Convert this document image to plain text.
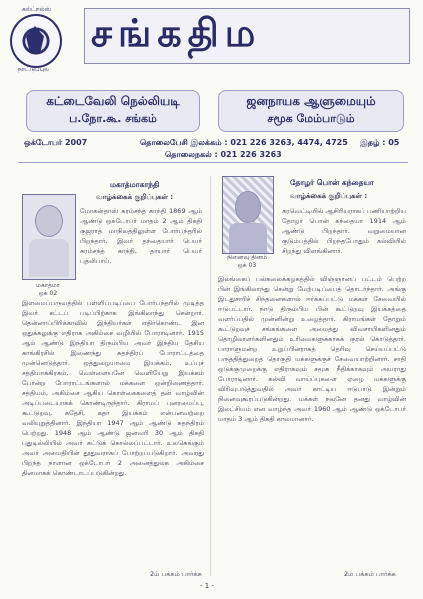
கல்ட்றல்ஸ்
நாட்டுப்புல
சங்கதிம
கட்டைவேலி நெல்லியடி
ப.நோ.கூ. சங்கம்
ஜனநாயக ஆளுமையும்
சமூக மேம்பாடும்
ஒக்டோபர் 2007	தொலைபேசி இலக்கம் : 021 226 3263, 4474, 4725 இதழ் : 05
தொலைநகல் : 021 226 3263
மகாத்மாகாந்தி
வாழ்க்கைக் குறிப்புகள் :
மகாத்மா
ஒக் 02
மோகன்தாஸ் கரம்சந்த் காந்தி 1869 ஆம் ஆண்டு ஒக்டோபர் மாதம் 2 ஆம் திகதி குஜராத் மாநிலத்திலுள்ள போர்பந்தரில் பிறந்தார். இவர் தந்தையார் பெயர் கரம்சந்த் காந்தி, தாயார் பெயர் புத்லிபாய்.
இளமைப்பருவத்தில் பள்ளிப்படிப்பை போர்பந்தரில் முடித்த இவர் சட்டப் படிப்பிற்காக இங்கிலாந்து சென்றார். தென்னாப்பிரிக்காவில் இந்தியர்கள் எதிர்கொண்ட இன ஒதுக்கலுக்கு எதிராக அகிம்சை வழியில் போராடினார். 1915 ஆம் ஆண்டு இந்தியா திரும்பிய அவர் இந்திய தேசிய காங்கிரசில் இணைந்து சுதந்திரப் போராட்டத்தை முன்னெடுத்தார். ஒத்துழையாமை இயக்கம், உப்புச் சத்தியாக்கிரகம், வெள்ளையனே வெளியேறு இயக்கம் போன்ற போராட்டங்களால் மக்களை ஒன்றிணைத்தார். சத்தியம், அகிம்சை ஆகிய கொள்கைகளைத் தன் வாழ்வின் அடிப்படையாகக் கொண்டிருந்தார். கிராமப் புனரமைப்பு, கூட்டுறவு, சுதேசி, கதர் இயக்கம் என்பனவற்றை வலியுறுத்தினார். இந்தியா 1947 ஆம் ஆண்டு சுதந்திரம் பெற்றது. 1948 ஆம் ஆண்டு ஜனவரி 30 ஆம் திகதி புதுடில்லியில் அவர் சுட்டுக் கொல்லப்பட்டார். உலகெங்கும் அவர் அமைதியின் தூதுவராகப் போற்றப்படுகிறார். அவரது பிறந்த நாளான ஒக்டோபர் 2 அனைத்துலக அகிம்சை தினமாகக் கொண்டாடப்படுகின்றது.
2ம் பக்கம் பார்க்க
தோழர் பொன் கந்தையா
வாழ்க்கைக் குறிப்புகள் :
நினைவு தினம்
ஒக் 03
கரவெட்டியில் ஆசிரியராகப் பணியாற்றிய தோழர் பொன் கந்தையா 1914 ஆம் ஆண்டு பிறந்தார். வறுமையான குடும்பத்தில் பிறந்தபோதும் கல்வியில் சிறந்து விளங்கினார்.
இலங்கைப் பல்கலைக்கழகத்தில் விஞ்ஞானப் பட்டம் பெற்ற பின் இங்கிலாந்து சென்று மேற்படிப்பைத் தொடர்ந்தார். அங்கு இடதுசாரிச் சிந்தனைகளால் ஈர்க்கப்பட்டு மக்கள் சேவையில் ஈடுபட்டார். நாடு திரும்பிய பின் கூட்டுறவு இயக்கத்தை வளர்ப்பதில் முன்னின்று உழைத்தார். கிராமங்கள் தோறும் கூட்டுறவுச் சங்கங்களை அமைத்து விவசாயிகளினதும் தொழிலாளர்களினதும் உரிமைகளுக்காகக் குரல் கொடுத்தார். பாராளுமன்ற உறுப்பினராகத் தெரிவு செய்யப்பட்டு பருத்தித்துறைத் தொகுதி மக்களுக்குச் சேவையாற்றினார். சாதி ஒடுக்குமுறைக்கு எதிராகவும் சமூக நீதிக்காகவும் அயராது போராடினார். கல்வி வாய்ப்புகளை ஏழை மக்களுக்கு விரிவுபடுத்துவதில் அவர் காட்டிய ஈடுபாடு இன்றும் நினைவுகூரப்படுகின்றது. மக்கள் நலனே தனது வாழ்வின் இலட்சியம் என வாழ்ந்த அவர் 1960 ஆம் ஆண்டு ஒக்டோபர் மாதம் 3 ஆம் திகதி காலமானார்.
2ம் பக்கம் பார்க்க
- 1 -
